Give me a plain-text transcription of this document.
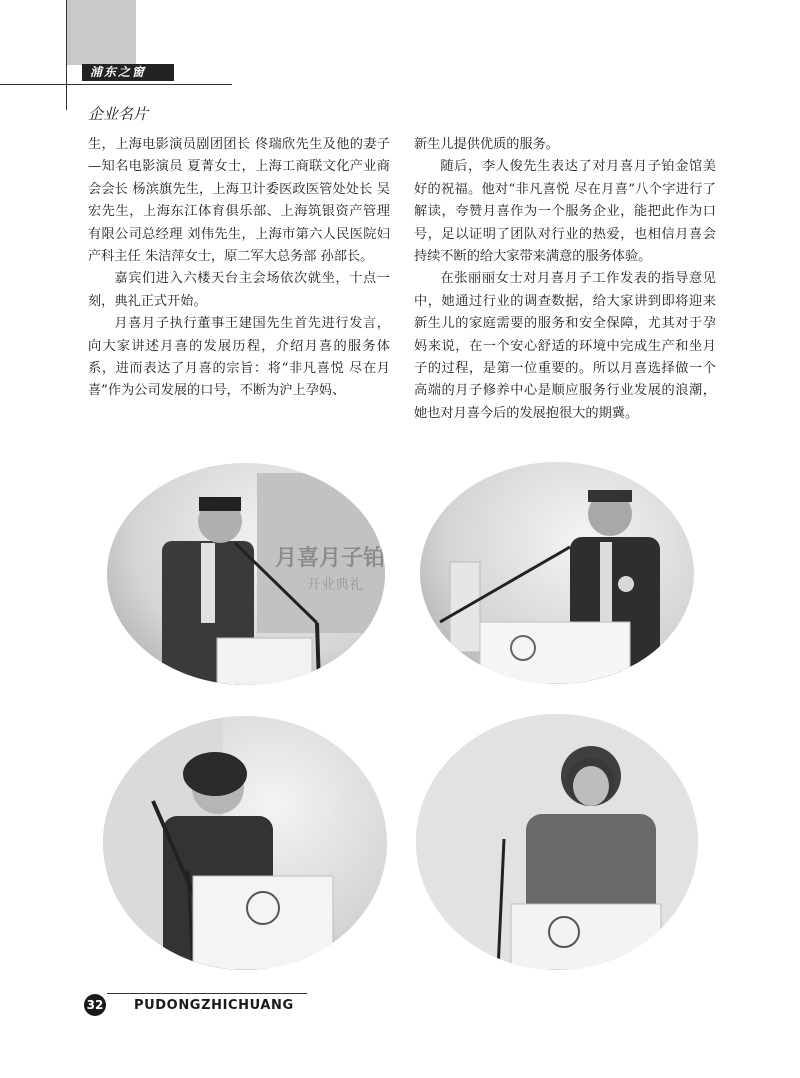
浦东之窗
企业名片

生，上海电影演员剧团团长 佟瑞欣先生及他的妻子—知名电影演员 夏菁女士，上海工商联文化产业商会会长 杨滨旗先生，上海卫计委医政医管处处长 吴宏先生，上海东江体育俱乐部、上海筑银资产管理有限公司总经理 刘伟先生，上海市第六人民医院妇产科主任 朱洁萍女士，原二军大总务部 孙部长。

嘉宾们进入六楼天台主会场依次就坐，十点一刻，典礼正式开始。

月喜月子执行董事王建国先生首先进行发言，向大家讲述月喜的发展历程，介绍月喜的服务体系，进而表达了月喜的宗旨：将“非凡喜悦 尽在月喜”作为公司发展的口号，不断为沪上孕妈、

新生儿提供优质的服务。

随后，李人俊先生表达了对月喜月子铂金馆美好的祝福。他对“非凡喜悦 尽在月喜”八个字进行了解读，夸赞月喜作为一个服务企业，能把此作为口号，足以证明了团队对行业的热爱，也相信月喜会持续不断的给大家带来满意的服务体验。

在张丽丽女士对月喜月子工作发表的指导意见中，她通过行业的调查数据，给大家讲到即将迎来新生儿的家庭需要的服务和安全保障，尤其对于孕妈来说，在一个安心舒适的环境中完成生产和坐月子的过程，是第一位重要的。所以月喜选择做一个高端的月子修养中心是顺应服务行业发展的浪潮，她也对月喜今后的发展抱很大的期冀。

月喜月子铂
开业典礼
32 PUDONGZHICHUANG
